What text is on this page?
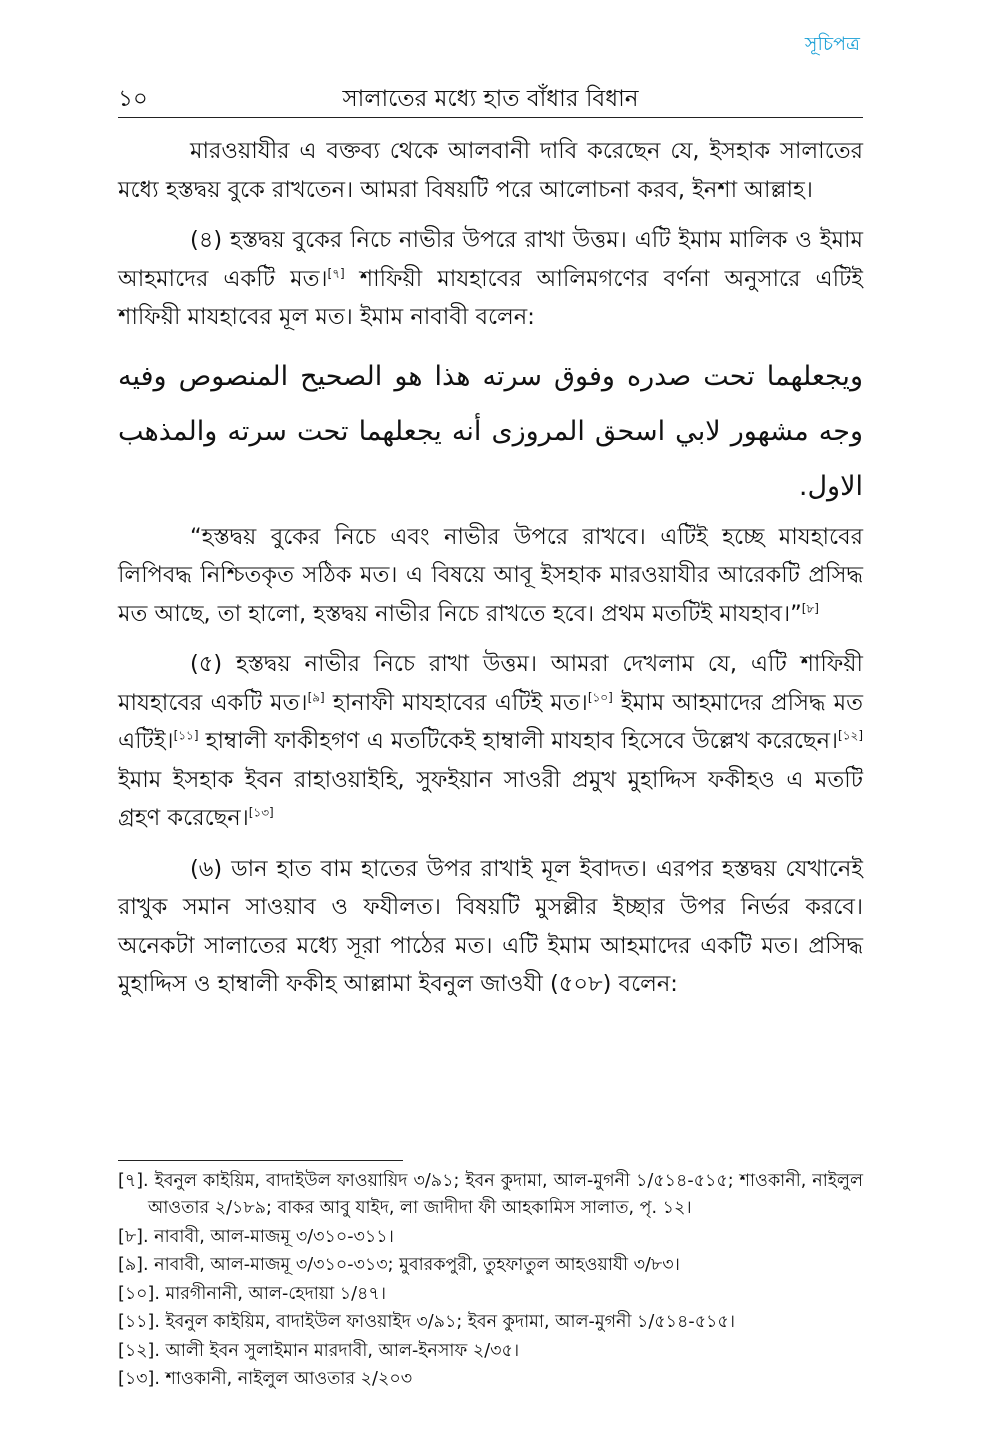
সূচিপত্র
১০	সালাতের মধ্যে হাত বাঁধার বিধান

মারওয়াযীর এ বক্তব্য থেকে আলবানী দাবি করেছেন যে, ইসহাক সালাতের মধ্যে হস্তদ্বয় বুকে রাখতেন। আমরা বিষয়টি পরে আলোচনা করব, ইনশা আল্লাহ।

(৪) হস্তদ্বয় বুকের নিচে নাভীর উপরে রাখা উত্তম। এটি ইমাম মালিক ও ইমাম আহমাদের একটি মত।[৭] শাফিয়ী মাযহাবের আলিমগণের বর্ণনা অনুসারে এটিই শাফিয়ী মাযহাবের মূল মত। ইমাম নাবাবী বলেন:

ويجعلهما تحت صدره وفوق سرته هذا هو الصحيح المنصوص وفيه وجه مشهور لابي اسحق المروزى أنه يجعلهما تحت سرته والمذهب الاول.

“হস্তদ্বয় বুকের নিচে এবং নাভীর উপরে রাখবে। এটিই হচ্ছে মাযহাবের লিপিবদ্ধ নিশ্চিতকৃত সঠিক মত। এ বিষয়ে আবূ ইসহাক মারওয়াযীর আরেকটি প্রসিদ্ধ মত আছে, তা হালো, হস্তদ্বয় নাভীর নিচে রাখতে হবে। প্রথম মতটিই মাযহাব।”[৮]

(৫) হস্তদ্বয় নাভীর নিচে রাখা উত্তম। আমরা দেখলাম যে, এটি শাফিয়ী মাযহাবের একটি মত।[৯] হানাফী মাযহাবের এটিই মত।[১০] ইমাম আহমাদের প্রসিদ্ধ মত এটিই।[১১] হাম্বালী ফাকীহগণ এ মতটিকেই হাম্বালী মাযহাব হিসেবে উল্লেখ করেছেন।[১২] ইমাম ইসহাক ইবন রাহাওয়াইহি, সুফইয়ান সাওরী প্রমুখ মুহাদ্দিস ফকীহও এ মতটি গ্রহণ করেছেন।[১৩]

(৬) ডান হাত বাম হাতের উপর রাখাই মূল ইবাদত। এরপর হস্তদ্বয় যেখানেই রাখুক সমান সাওয়াব ও ফযীলত। বিষয়টি মুসল্লীর ইচ্ছার উপর নির্ভর করবে। অনেকটা সালাতের মধ্যে সূরা পাঠের মত। এটি ইমাম আহমাদের একটি মত। প্রসিদ্ধ মুহাদ্দিস ও হাম্বালী ফকীহ আল্লামা ইবনুল জাওযী (৫০৮) বলেন:

[৭]. ইবনুল কাইয়িম, বাদাইউল ফাওয়ায়িদ ৩/৯১; ইবন কুদামা, আল-মুগনী ১/৫১৪-৫১৫; শাওকানী, নাইলুল আওতার ২/১৮৯; বাকর আবু যাইদ, লা জাদীদা ফী আহকামিস সালাত, পৃ. ১২।

[৮]. নাবাবী, আল-মাজমূ ৩/৩১০-৩১১।

[৯]. নাবাবী, আল-মাজমূ ৩/৩১০-৩১৩; মুবারকপুরী, তুহফাতুল আহওয়াযী ৩/৮৩।

[১০]. মারগীনানী, আল-হেদায়া ১/৪৭।

[১১]. ইবনুল কাইয়িম, বাদাইউল ফাওয়াইদ ৩/৯১; ইবন কুদামা, আল-মুগনী ১/৫১৪-৫১৫।

[১২]. আলী ইবন সুলাইমান মারদাবী, আল-ইনসাফ ২/৩৫।

[১৩]. শাওকানী, নাইলুল আওতার ২/২০৩
